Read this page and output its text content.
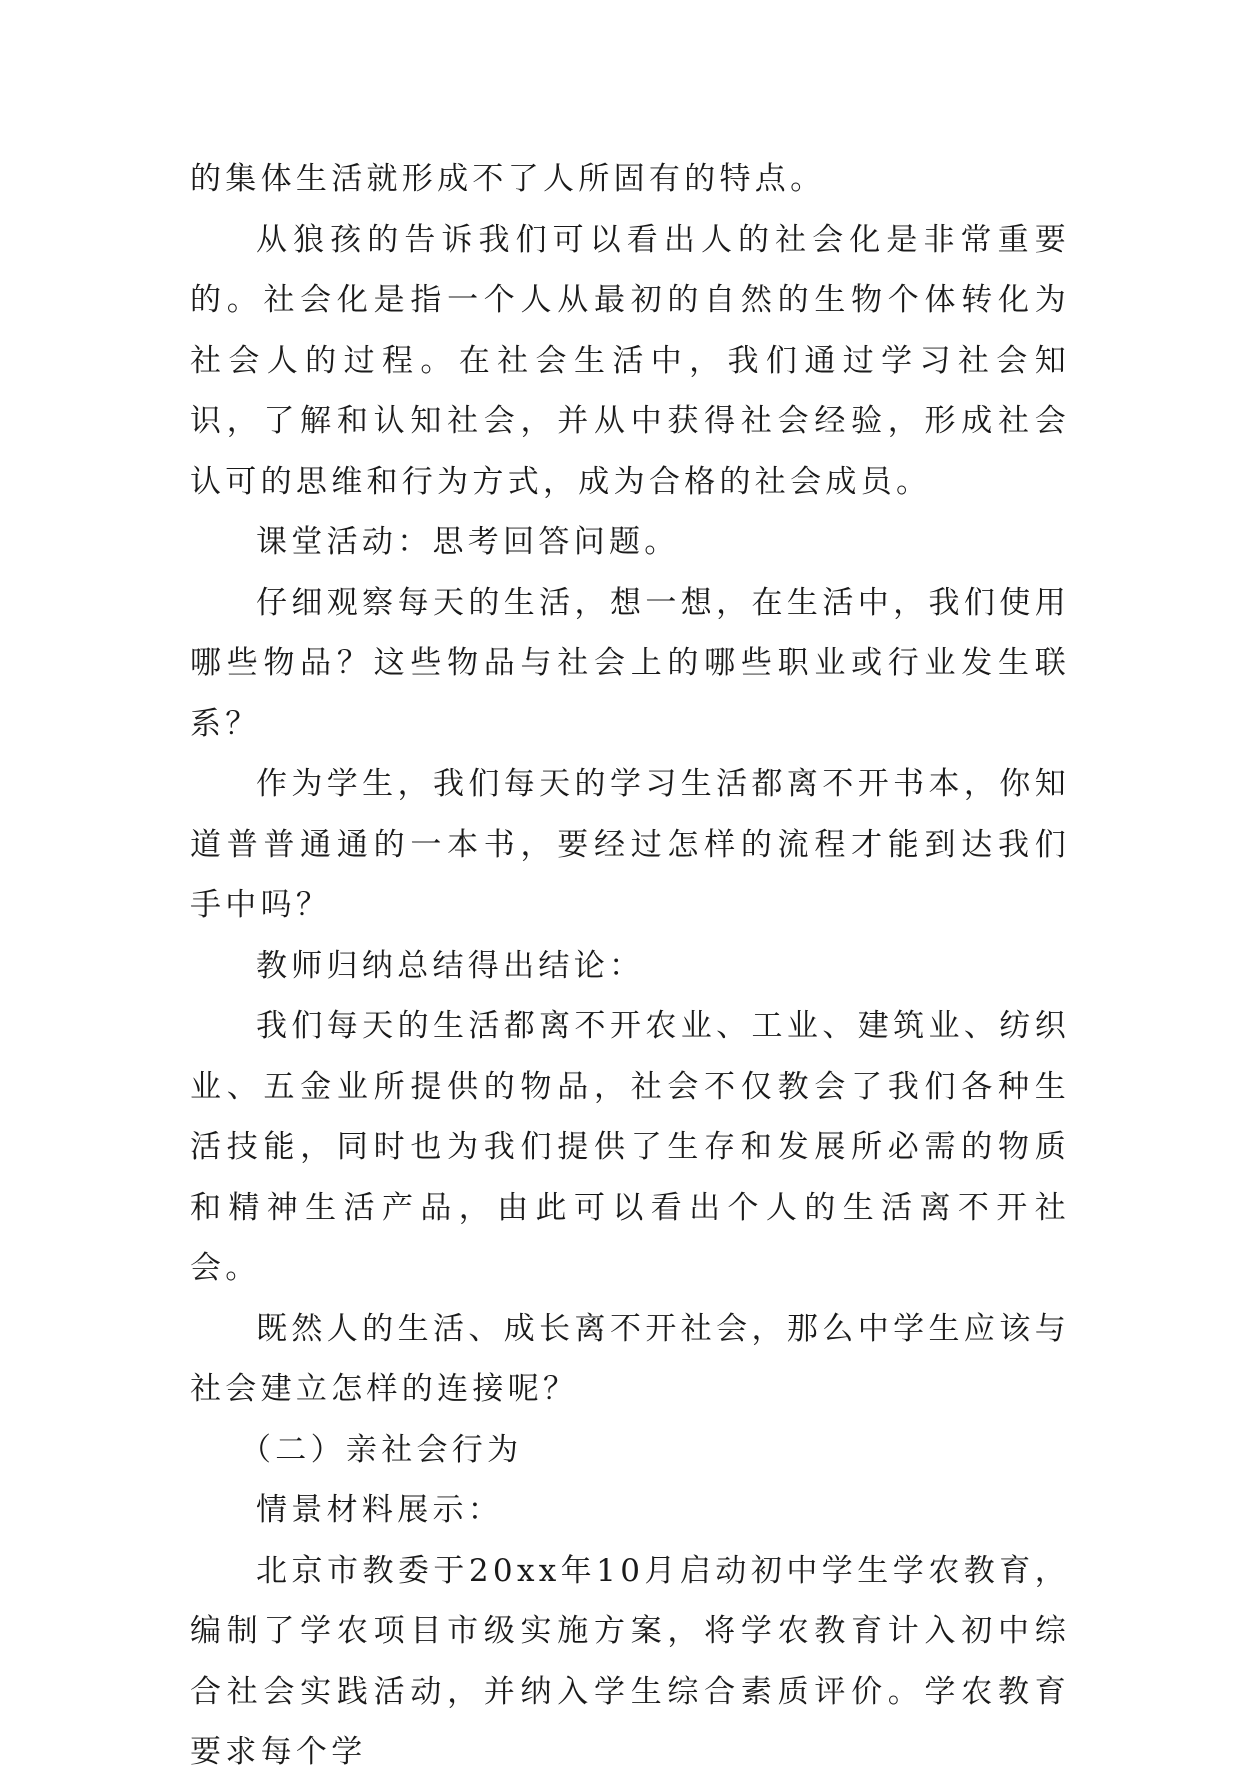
的集体生活就形成不了人所固有的特点。

从狼孩的告诉我们可以看出人的社会化是非常重要的。社会化是指一个人从最初的自然的生物个体转化为社会人的过程。在社会生活中，我们通过学习社会知识，了解和认知社会，并从中获得社会经验，形成社会认可的思维和行为方式，成为合格的社会成员。

课堂活动：思考回答问题。

仔细观察每天的生活，想一想，在生活中，我们使用哪些物品？这些物品与社会上的哪些职业或行业发生联系？

作为学生，我们每天的学习生活都离不开书本，你知道普普通通的一本书，要经过怎样的流程才能到达我们手中吗？

教师归纳总结得出结论：

我们每天的生活都离不开农业、工业、建筑业、纺织业、五金业所提供的物品，社会不仅教会了我们各种生活技能，同时也为我们提供了生存和发展所必需的物质和精神生活产品，由此可以看出个人的生活离不开社会。

既然人的生活、成长离不开社会，那么中学生应该与社会建立怎样的连接呢？

（二）亲社会行为

情景材料展示：

北京市教委于20xx年10月启动初中学生学农教育，编制了学农项目市级实施方案，将学农教育计入初中综合社会实践活动，并纳入学生综合素质评价。学农教育要求每个学
